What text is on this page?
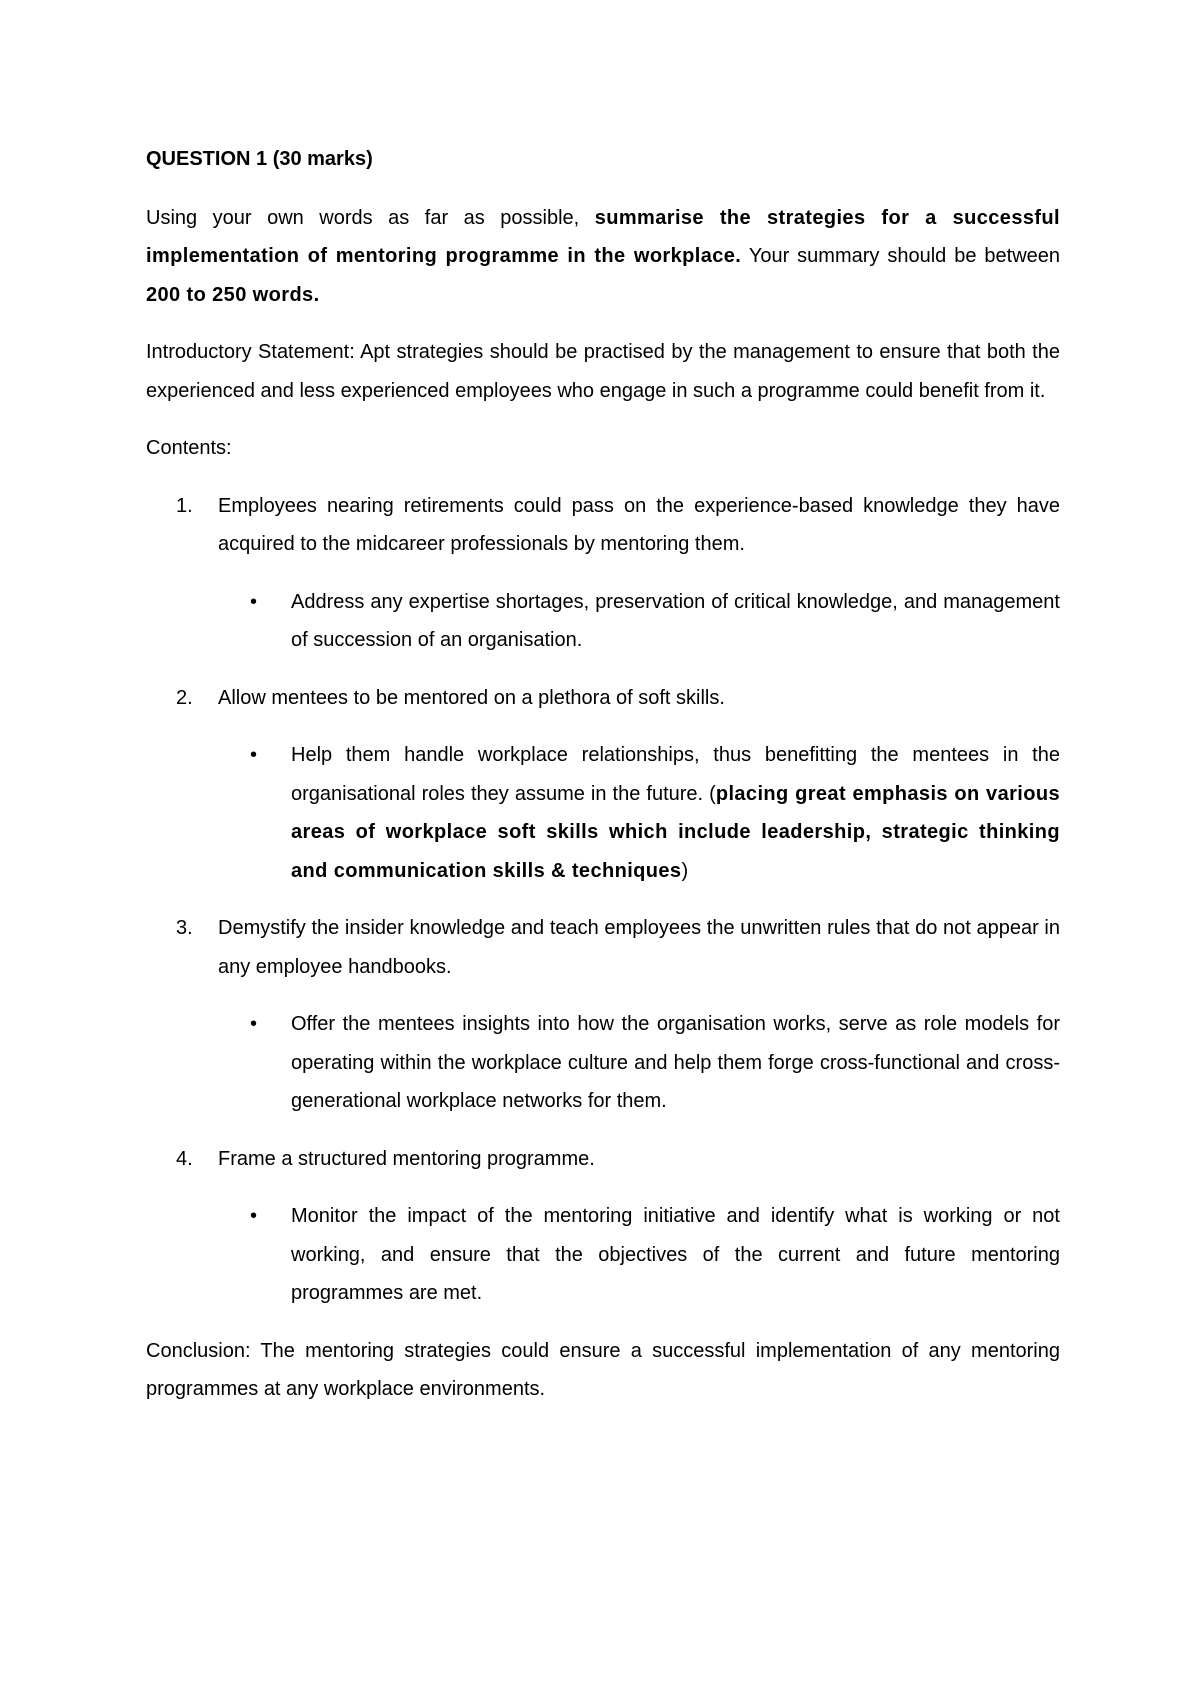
QUESTION 1 (30 marks)

Using your own words as far as possible, summarise the strategies for a successful implementation of mentoring programme in the workplace. Your summary should be between 200 to 250 words.

Introductory Statement: Apt strategies should be practised by the management to ensure that both the experienced and less experienced employees who engage in such a programme could benefit from it.

Contents:

1. Employees nearing retirements could pass on the experience-based knowledge they have acquired to the midcareer professionals by mentoring them.

• Address any expertise shortages, preservation of critical knowledge, and management of succession of an organisation.

2. Allow mentees to be mentored on a plethora of soft skills.

• Help them handle workplace relationships, thus benefitting the mentees in the organisational roles they assume in the future. (placing great emphasis on various areas of workplace soft skills which include leadership, strategic thinking and communication skills & techniques)

3. Demystify the insider knowledge and teach employees the unwritten rules that do not appear in any employee handbooks.

• Offer the mentees insights into how the organisation works, serve as role models for operating within the workplace culture and help them forge cross-functional and cross-generational workplace networks for them.

4. Frame a structured mentoring programme.

• Monitor the impact of the mentoring initiative and identify what is working or not working, and ensure that the objectives of the current and future mentoring programmes are met.

Conclusion: The mentoring strategies could ensure a successful implementation of any mentoring programmes at any workplace environments.
